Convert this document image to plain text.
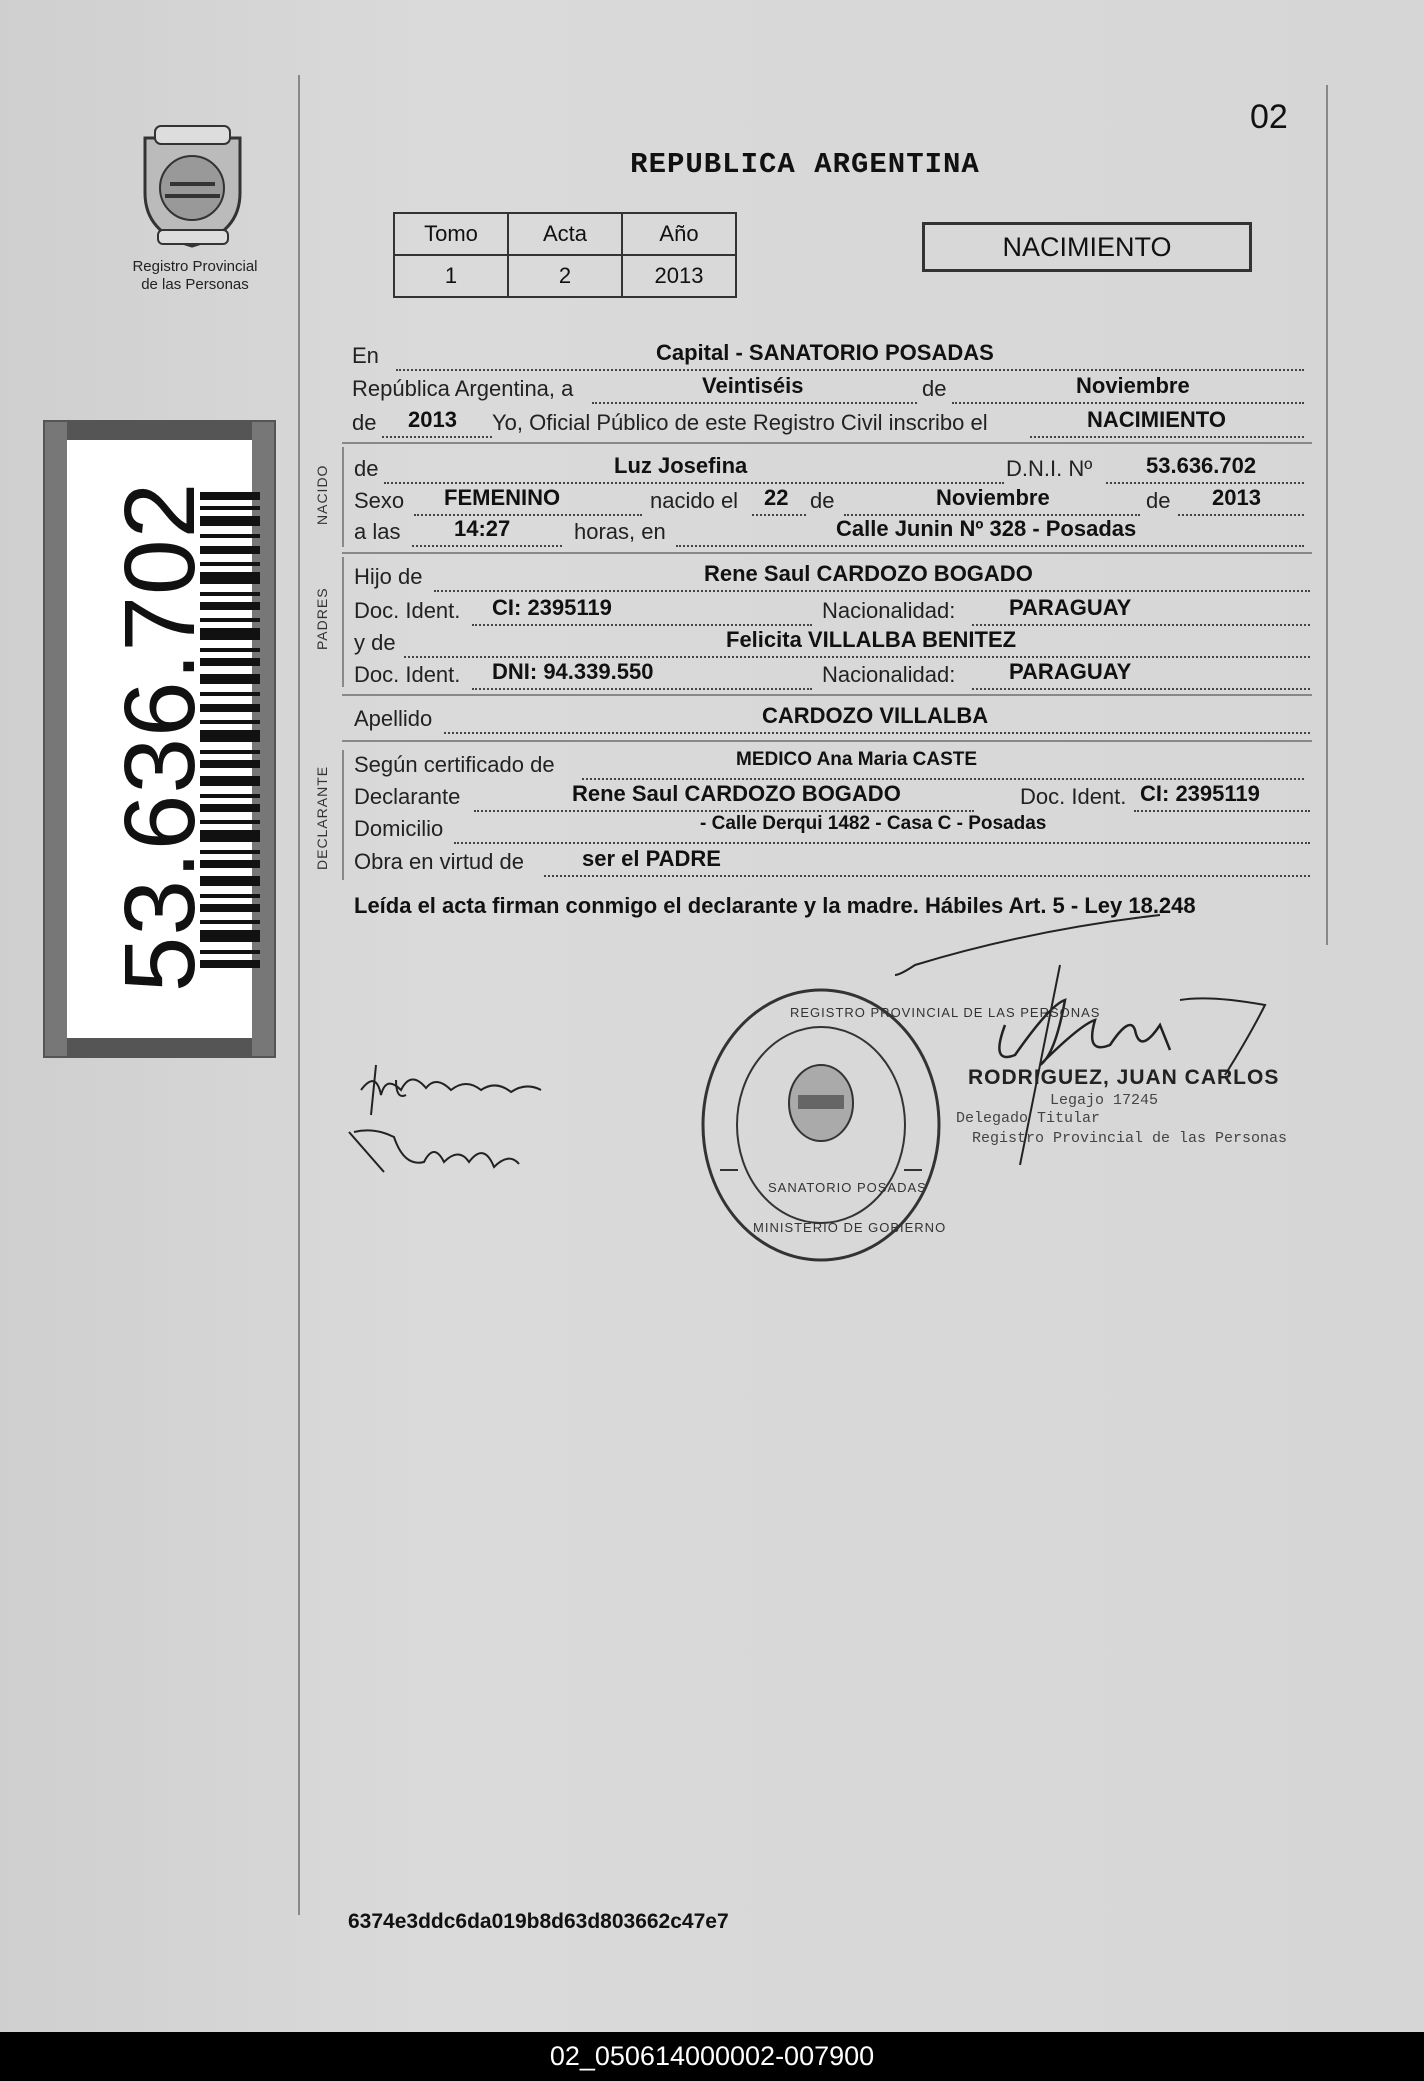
Registro Provincial
de las Personas
53.636.702
02
REPUBLICA ARGENTINA
Tomo	Acta	Año
1	2	2013
NACIMIENTO
En	Capital - SANATORIO POSADAS
República Argentina, a	Veintiséis	de	Noviembre
de 2013 Yo, Oficial Público de este Registro Civil inscribo el	NACIMIENTO
NACIDO de	Luz Josefina	D.N.I. Nº 53.636.702
Sexo FEMENINO	nacido el 22 de	Noviembre	de 2013
a las 14:27	horas, en	Calle Junin Nº 328 - Posadas
PADRES
Hijo de	Rene Saul CARDOZO BOGADO
Doc. Ident. CI: 2395119	Nacionalidad: PARAGUAY
y de	Felicita VILLALBA BENITEZ
Doc. Ident. DNI: 94.339.550	Nacionalidad: PARAGUAY
Apellido	CARDOZO VILLALBA
DECLARANTE
Según certificado de	MEDICO Ana Maria CASTE
Declarante	Rene Saul CARDOZO BOGADO	Doc. Ident. CI: 2395119
Domicilio	- Calle Derqui 1482 - Casa C - Posadas
Obra en virtud de	ser el PADRE
Leída el acta firman conmigo el declarante y la madre. Hábiles Art. 5 - Ley 18.248
RODRIGUEZ, JUAN CARLOS
Legajo 17245
Delegado Titular
Registro Provincial de las Personas
REGISTRO PROVINCIAL DE LAS PERSONAS
SANATORIO POSADAS
MINISTERIO DE GOBIERNO
6374e3ddc6da019b8d63d803662c47e7
02_050614000002-007900
